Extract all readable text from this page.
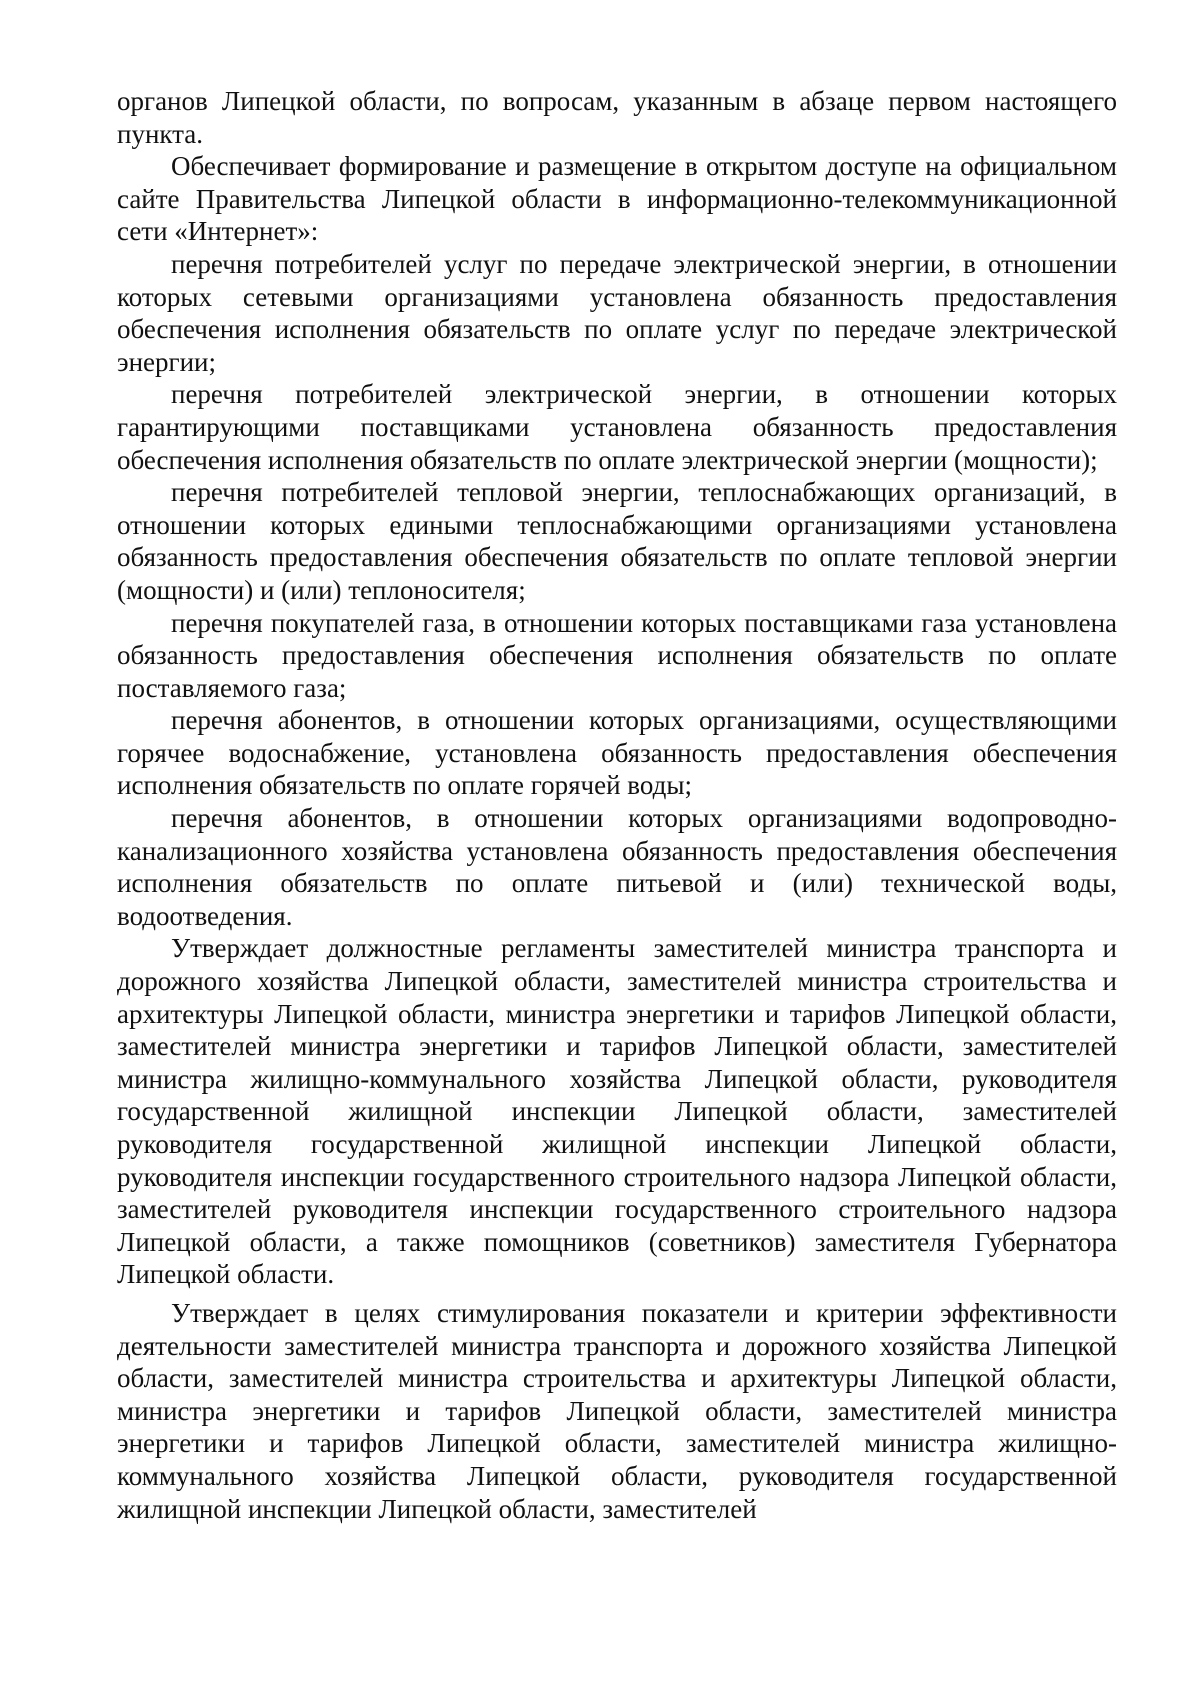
органов Липецкой области, по вопросам, указанным в абзаце первом настоящего пункта.

Обеспечивает формирование и размещение в открытом доступе на официальном сайте Правительства Липецкой области в информационно-телекоммуникационной сети «Интернет»:

перечня потребителей услуг по передаче электрической энергии, в отношении которых сетевыми организациями установлена обязанность предоставления обеспечения исполнения обязательств по оплате услуг по передаче электрической энергии;

перечня потребителей электрической энергии, в отношении которых гарантирующими поставщиками установлена обязанность предоставления обеспечения исполнения обязательств по оплате электрической энергии (мощности);

перечня потребителей тепловой энергии, теплоснабжающих организаций, в отношении которых едиными теплоснабжающими организациями установлена обязанность предоставления обеспечения обязательств по оплате тепловой энергии (мощности) и (или) теплоносителя;

перечня покупателей газа, в отношении которых поставщиками газа установлена обязанность предоставления обеспечения исполнения обязательств по оплате поставляемого газа;

перечня абонентов, в отношении которых организациями, осуществляющими горячее водоснабжение, установлена обязанность предоставления обеспечения исполнения обязательств по оплате горячей воды;

перечня абонентов, в отношении которых организациями водопроводно-канализационного хозяйства установлена обязанность предоставления обеспечения исполнения обязательств по оплате питьевой и (или) технической воды, водоотведения.

Утверждает должностные регламенты заместителей министра транспорта и дорожного хозяйства Липецкой области, заместителей министра строительства и архитектуры Липецкой области, министра энергетики и тарифов Липецкой области, заместителей министра энергетики и тарифов Липецкой области, заместителей министра жилищно-коммунального хозяйства Липецкой области, руководителя государственной жилищной инспекции Липецкой области, заместителей руководителя государственной жилищной инспекции Липецкой области, руководителя инспекции государственного строительного надзора Липецкой области, заместителей руководителя инспекции государственного строительного надзора Липецкой области, а также помощников (советников) заместителя Губернатора Липецкой области.

Утверждает в целях стимулирования показатели и критерии эффективности деятельности заместителей министра транспорта и дорожного хозяйства Липецкой области, заместителей министра строительства и архитектуры Липецкой области, министра энергетики и тарифов Липецкой области, заместителей министра энергетики и тарифов Липецкой области, заместителей министра жилищно-коммунального хозяйства Липецкой области, руководителя государственной жилищной инспекции Липецкой области, заместителей
